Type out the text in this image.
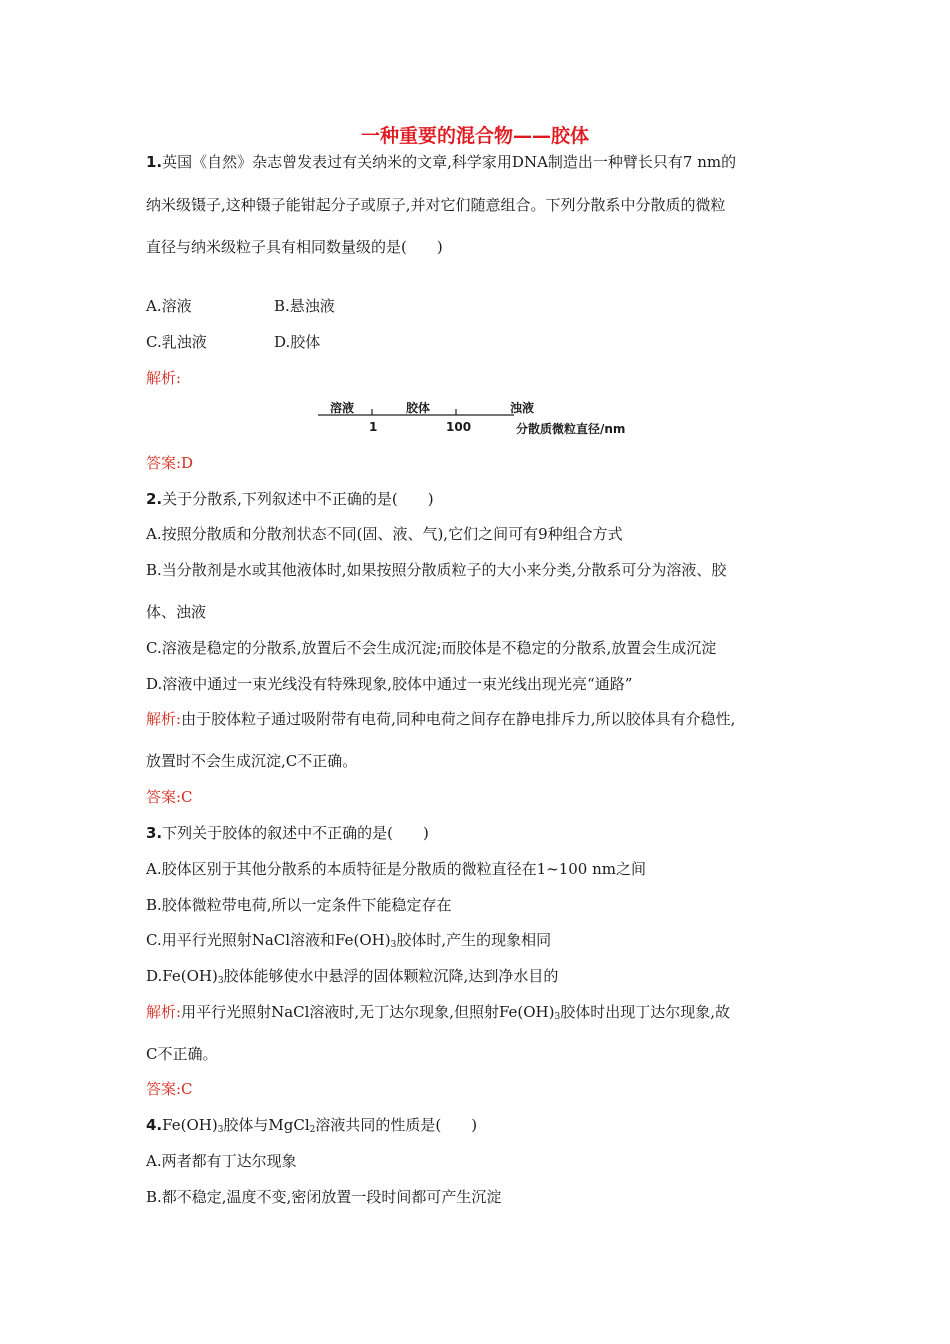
一种重要的混合物——胶体
1.英国《自然》杂志曾发表过有关纳米的文章,科学家用DNA制造出一种臂长只有7 nm的
纳米级镊子,这种镊子能钳起分子或原子,并对它们随意组合。下列分散系中分散质的微粒
直径与纳米级粒子具有相同数量级的是(　　)
A.溶液	B.悬浊液
C.乳浊液	D.胶体
解析:
溶液	胶体	浊液
1	100	分散质微粒直径/nm
答案:D
2.关于分散系,下列叙述中不正确的是(　　)
A.按照分散质和分散剂状态不同(固、液、气),它们之间可有9种组合方式
B.当分散剂是水或其他液体时,如果按照分散质粒子的大小来分类,分散系可分为溶液、胶
体、浊液
C.溶液是稳定的分散系,放置后不会生成沉淀;而胶体是不稳定的分散系,放置会生成沉淀
D.溶液中通过一束光线没有特殊现象,胶体中通过一束光线出现光亮“通路”
解析:由于胶体粒子通过吸附带有电荷,同种电荷之间存在静电排斥力,所以胶体具有介稳性,
放置时不会生成沉淀,C不正确。
答案:C
3.下列关于胶体的叙述中不正确的是(　　)
A.胶体区别于其他分散系的本质特征是分散质的微粒直径在1~100 nm之间
B.胶体微粒带电荷,所以一定条件下能稳定存在
C.用平行光照射NaCl溶液和$Fe(OH)_3$胶体时,产生的现象相同
$D.Fe(OH)_3$胶体能够使水中悬浮的固体颗粒沉降,达到净水目的
解析:用平行光照射NaCl溶液时,无丁达尔现象,但照射$Fe(OH)_3$胶体时出现丁达尔现象,故
C不正确。
答案:C
$4.Fe(OH)_3$胶体与MgCl$_2$溶液共同的性质是(　　)
A.两者都有丁达尔现象
B.都不稳定,温度不变,密闭放置一段时间都可产生沉淀
